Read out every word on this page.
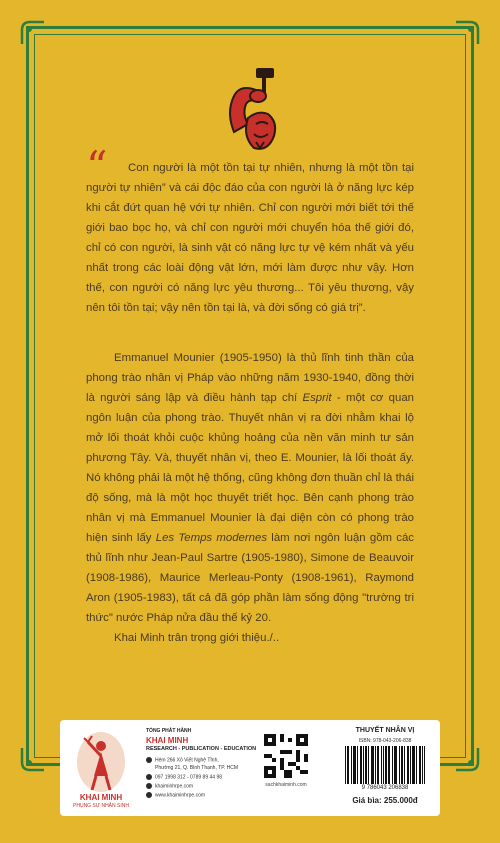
“	Con người là một tồn tại tự nhiên, nhưng là một tồn tại người tự nhiên” và cái độc đáo của con người là ở năng lực kép khi cắt đứt quan hệ với tự nhiên. Chỉ con người mới biết tới thế giới bao bọc họ, và chỉ con người mới chuyển hóa thế giới đó, chỉ có con người, là sinh vật có năng lực tự vệ kém nhất và yếu nhất trong các loài động vật lớn, mới làm được như vậy. Hơn thế, con người có năng lực yêu thương... Tôi yêu thương, vậy nên tôi tồn tại; vậy nên tồn tại là, và đời sống có giá trị”.

Emmanuel Mounier (1905-1950) là thủ lĩnh tinh thần của phong trào nhân vị Pháp vào những năm 1930-1940, đồng thời là người sáng lập và điều hành tạp chí Esprit - một cơ quan ngôn luận của phong trào. Thuyết nhân vị ra đời nhằm khai lộ mở lối thoát khỏi cuộc khủng hoảng của nền văn minh tư sản phương Tây. Và, thuyết nhân vị, theo E. Mounier, là lối thoát ấy. Nó không phải là một hệ thống, cũng không đơn thuần chỉ là thái độ sống, mà là một học thuyết triết học. Bên cạnh phong trào nhân vị mà Emmanuel Mounier là đại diện còn có phong trào hiện sinh lấy Les Temps modernes làm nơi ngôn luận gồm các thủ lĩnh như Jean-Paul Sartre (1905-1980), Simone de Beauvoir (1908-1986), Maurice Merleau-Ponty (1908-1961), Raymond Aron (1905-1983), tất cả đã góp phần làm sống động "trường tri thức" nước Pháp nửa đầu thế kỷ 20.

Khai Minh trân trọng giới thiệu./..

KHAI MINH
PHỤNG SỰ NHÂN SINH
TỔNG PHÁT HÀNH
KHAI MINH
RESEARCH - PUBLICATION - EDUCATION
Hẻm 266 Xô Viết Nghệ Tĩnh,
Phường 21, Q. Bình Thạnh, TP. HCM
097 1998 312 - 0789 89 44 98
khaiminhrpe.com
www.khaiminhrpe.com
sachkhaiminh.com
THUYẾT NHÂN VỊ
ISBN: 978-043-206-838
9 786043 206838
Giá bìa: 255.000đ
